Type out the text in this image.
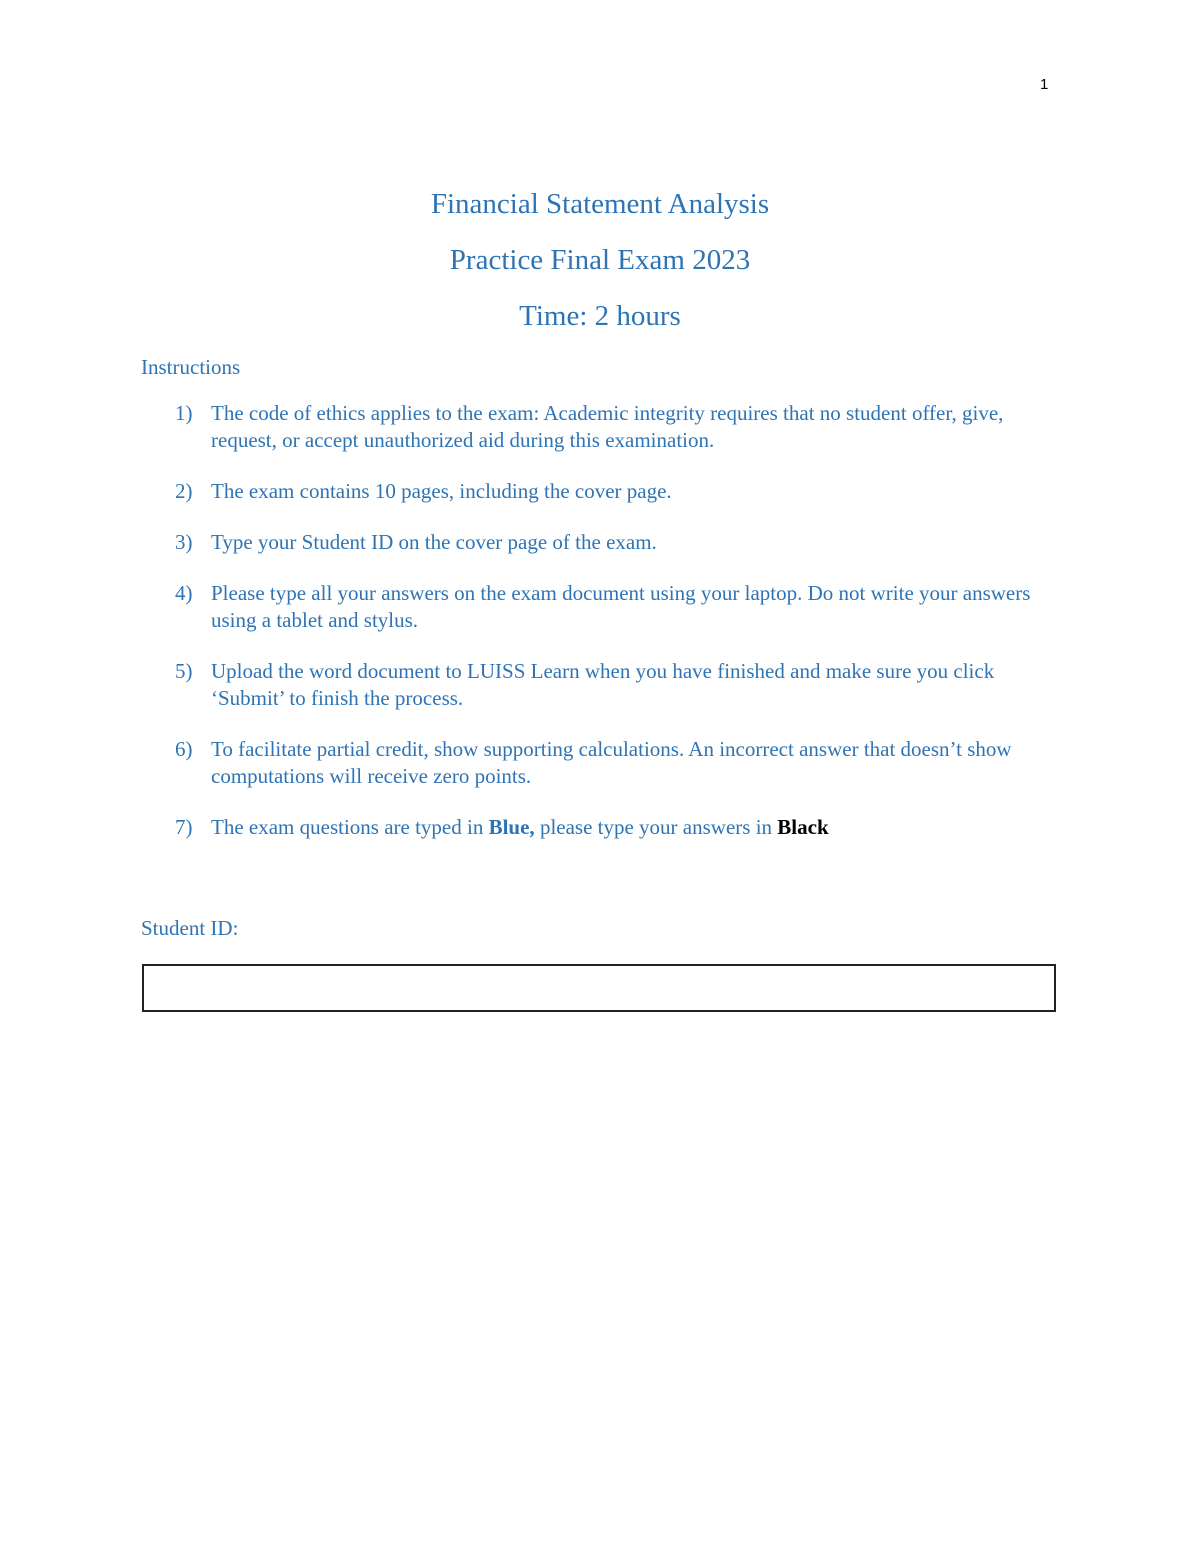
1
Financial Statement Analysis
Practice Final Exam 2023
Time: 2 hours
Instructions
1) The code of ethics applies to the exam: Academic integrity requires that no student offer, give, request, or accept unauthorized aid during this examination.
2) The exam contains 10 pages, including the cover page.
3) Type your Student ID on the cover page of the exam.
4) Please type all your answers on the exam document using your laptop. Do not write your answers using a tablet and stylus.
5) Upload the word document to LUISS Learn when you have finished and make sure you click ‘Submit’ to finish the process.
6) To facilitate partial credit, show supporting calculations. An incorrect answer that doesn’t show computations will receive zero points.
7) The exam questions are typed in Blue, please type your answers in Black
Student ID:
